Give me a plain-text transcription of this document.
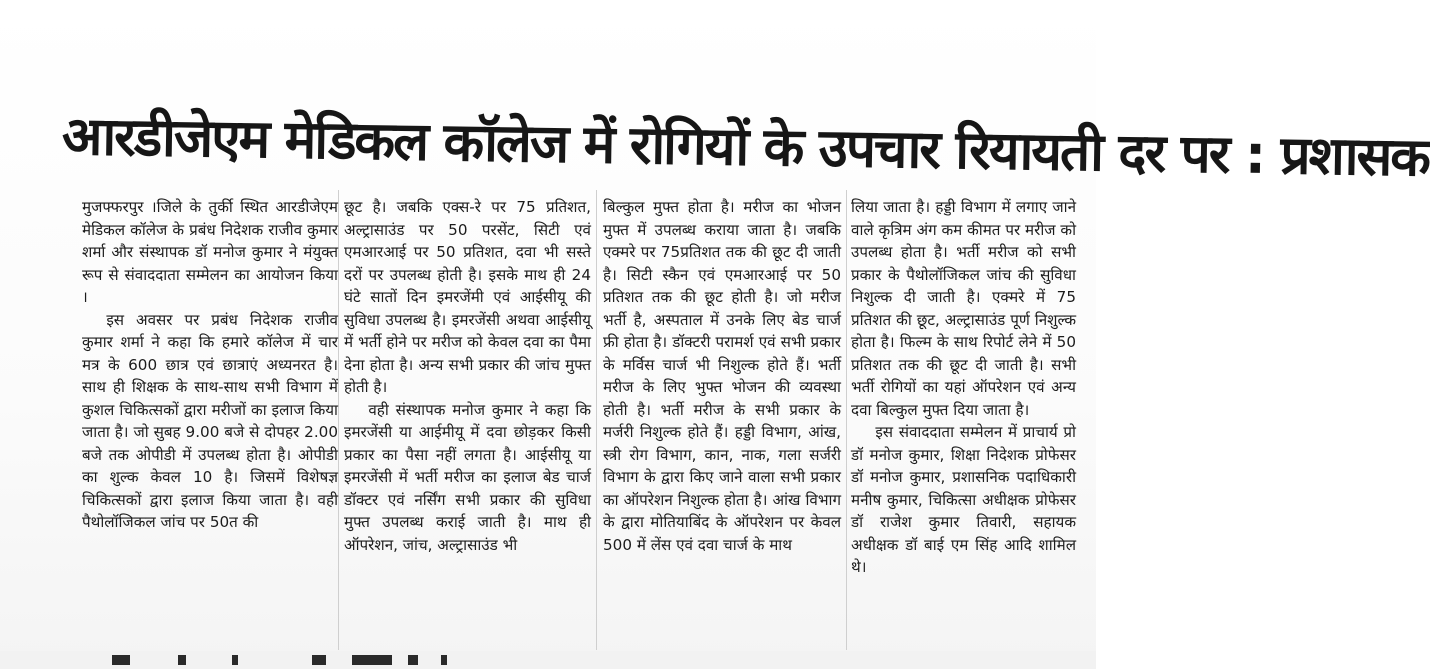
आरडीजेएम मेडिकल कॉलेज में रोगियों के उपचार रियायती दर पर : प्रशासक

मुजफ्फरपुर ।जिले के तुर्की स्थित आरडीजेएम मेडिकल कॉलेज के प्रबंध निदेशक राजीव कुमार शर्मा और संस्थापक डॉ मनोज कुमार ने मंयुक्त रूप से संवाददाता सम्मेलन का आयोजन किया ।

इस अवसर पर प्रबंध निदेशक राजीव कुमार शर्मा ने कहा कि हमारे कॉलेज में चार मत्र के 600 छात्र एवं छात्राएं अध्यनरत है। साथ ही शिक्षक के साथ-साथ सभी विभाग में कुशल चिकित्सकों द्वारा मरीजों का इलाज किया जाता है। जो सुबह 9.00 बजे से दोपहर 2.00 बजे तक ओपीडी में उपलब्ध होता है। ओपीडी का शुल्क केवल 10 है। जिसमें विशेषज्ञ चिकित्सकों द्वारा इलाज किया जाता है। वही पैथोलॉजिकल जांच पर 50त की

छूट है। जबकि एक्स-रे पर 75 प्रतिशत, अल्ट्रासाउंड पर 50 परसेंट, सिटी एवं एमआरआई पर 50 प्रतिशत, दवा भी सस्ते दरों पर उपलब्ध होती है। इसके माथ ही 24 घंटे सातों दिन इमरजेंमी एवं आईसीयू की सुविधा उपलब्ध है। इमरजेंसी अथवा आईसीयू में भर्ती होने पर मरीज को केवल दवा का पैमा देना होता है। अन्य सभी प्रकार की जांच मुफ्त होती है।

वही संस्थापक मनोज कुमार ने कहा कि इमरजेंसी या आईमीयू में दवा छोड़कर किसी प्रकार का पैसा नहीं लगता है। आईसीयू या इमरजेंसी में भर्ती मरीज का इलाज बेड चार्ज डॉक्टर एवं नर्सिंग सभी प्रकार की सुविधा मुफ्त उपलब्ध कराई जाती है। माथ ही ऑपरेशन, जांच, अल्ट्रासाउंड भी

बिल्कुल मुफ्त होता है। मरीज का भोजन मुफ्त में उपलब्ध कराया जाता है। जबकि एक्मरे पर 75प्रतिशत तक की छूट दी जाती है। सिटी स्कैन एवं एमआरआई पर 50 प्रतिशत तक की छूट होती है। जो मरीज भर्ती है, अस्पताल में उनके लिए बेड चार्ज फ्री होता है। डॉक्टरी परामर्श एवं सभी प्रकार के मर्विस चार्ज भी निशुल्क होते हैं। भर्ती मरीज के लिए भुफ्त भोजन की व्यवस्था होती है। भर्ती मरीज के सभी प्रकार के मर्जरी निशुल्क होते हैं। हड्डी विभाग, आंख, स्त्री रोग विभाग, कान, नाक, गला सर्जरी विभाग के द्वारा किए जाने वाला सभी प्रकार का ऑपरेशन निशुल्क होता है। आंख विभाग के द्वारा मोतियाबिंद के ऑपरेशन पर केवल 500 में लेंस एवं दवा चार्ज के माथ

लिया जाता है। हड्डी विभाग में लगाए जाने वाले कृत्रिम अंग कम कीमत पर मरीज को उपलब्ध होता है। भर्ती मरीज को सभी प्रकार के पैथोलॉजिकल जांच की सुविधा निशुल्क दी जाती है। एक्मरे में 75 प्रतिशत की छूट, अल्ट्रासाउंड पूर्ण निशुल्क होता है। फिल्म के साथ रिपोर्ट लेने में 50 प्रतिशत तक की छूट दी जाती है। सभी भर्ती रोगियों का यहां ऑपरेशन एवं अन्य दवा बिल्कुल मुफ्त दिया जाता है।

इस संवाददाता सम्मेलन में प्राचार्य प्रो डॉ मनोज कुमार, शिक्षा निदेशक प्रोफेसर डॉ मनोज कुमार, प्रशासनिक पदाधिकारी मनीष कुमार, चिकित्सा अधीक्षक प्रोफेसर डॉ राजेश कुमार तिवारी, सहायक अधीक्षक डॉ बाई एम सिंह आदि शामिल थे।
